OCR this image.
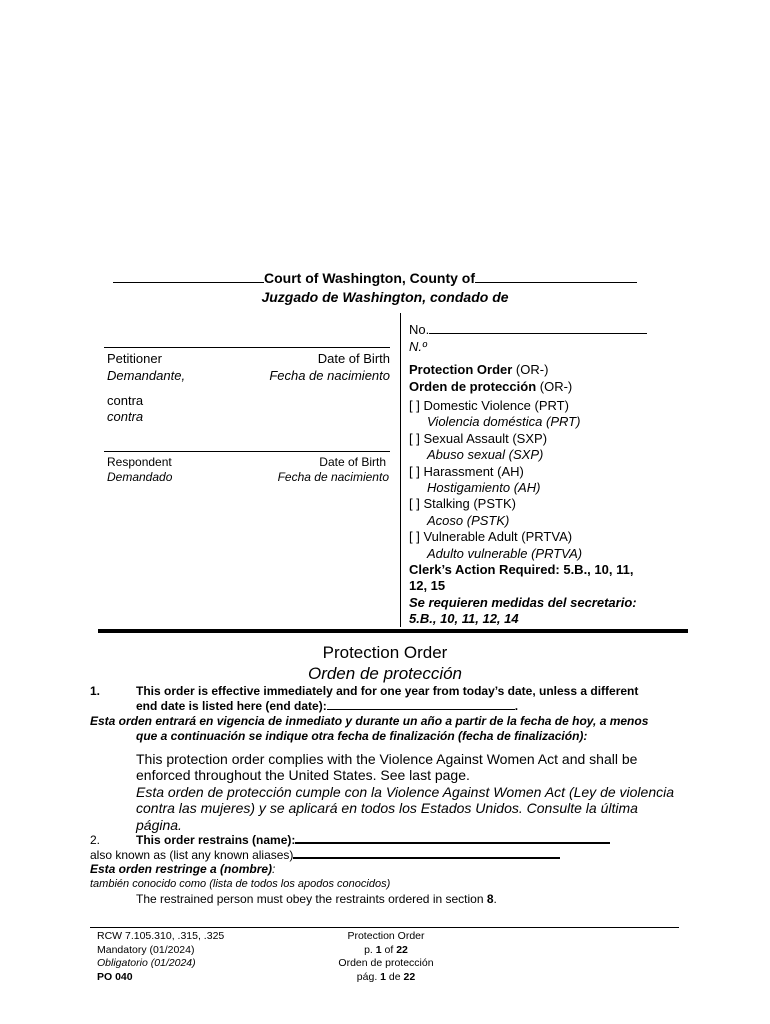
Court of Washington, County of
Juzgado de Washington, condado de
Petitioner	Date of Birth
Demandante,	Fecha de nacimiento
contra
contra
Respondent	Date of Birth
Demandado	Fecha de nacimiento
No.
N.º
Protection Order (OR-)
Orden de protección (OR-)
[ ] Domestic Violence (PRT)
Violencia doméstica (PRT)
[ ] Sexual Assault (SXP)
Abuso sexual (SXP)
[ ] Harassment (AH)
Hostigamiento (AH)
[ ] Stalking (PSTK)
Acoso (PSTK)
[ ] Vulnerable Adult (PRTVA)
Adulto vulnerable (PRTVA)
Clerk’s Action Required: 5.B., 10, 11,
12, 15
Se requieren medidas del secretario:
5.B., 10, 11, 12, 14
Protection Order
Orden de protección
1.	This order is effective immediately and for one year from today’s date, unless a different
end date is listed here (end date):	.
Esta orden entrará en vigencia de inmediato y durante un año a partir de la fecha de hoy, a menos
que a continuación se indique otra fecha de finalización (fecha de finalización):
This protection order complies with the Violence Against Women Act and shall be
enforced throughout the United States. See last page.
Esta orden de protección cumple con la Violence Against Women Act (Ley de violencia
contra las mujeres) y se aplicará en todos los Estados Unidos. Consulte la última
página.
2.	This order restrains (name):
also known as (list any known aliases)
Esta orden restringe a (nombre):
también conocido como (lista de todos los apodos conocidos)
The restrained person must obey the restraints ordered in section 8.
RCW 7.105.310, .315, .325
Mandatory (01/2024)
Obligatorio (01/2024)
PO 040
Protection Order
p. 1 of 22
Orden de protección
pág. 1 de 22
